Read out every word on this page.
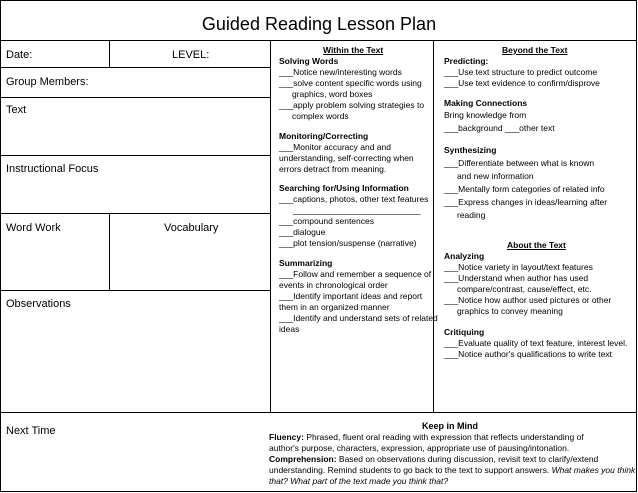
Guided Reading Lesson Plan
Date:	LEVEL:
Group Members:
Text
Instructional Focus
Word Work	Vocabulary
Observations
Next Time
Within the Text
Solving Words
___Notice new/interesting words
___solve content specific words using
graphics, word boxes
___apply problem solving strategies to
complex words
Monitoring/Correcting
___Monitor accuracy and and
understanding, self-correcting when
errors detract from meaning.
Searching for/Using Information
___captions, photos, other text features
___________________________
___compound sentences
___dialogue
___plot tension/suspense (narrative)
Summarizing
___Follow and remember a sequence of
events in chronological order
___Identify important ideas and report
them in an organized manner
___Identify and understand sets of related
ideas
Beyond the Text
Predicting:
___Use text structure to predict outcome
___Use text evidence to confirm/disprove
Making Connections
Bring knowledge from
___background ___other text
Synthesizing
___Differentiate between what is known
and new information
___Mentally form categories of related info
___Express changes in ideas/learning after
reading
About the Text
Analyzing
___Notice variety in layout/text features
___Understand when author has used
compare/contrast, cause/effect, etc.
___Notice how author used pictures or other
graphics to convey meaning
Critiquing
___Evaluate quality of text feature, interest level.
___Notice author's qualifications to write text
Keep in Mind
Fluency: Phrased, fluent oral reading with expression that reflects understanding of
author's purpose, characters, expression, appropriate use of pausing/intonation.
Comprehension: Based on observations during discussion, revisit text to clarify/extend
understanding. Remind students to go back to the text to support answers. What makes you think
that? What part of the text made you think that?
